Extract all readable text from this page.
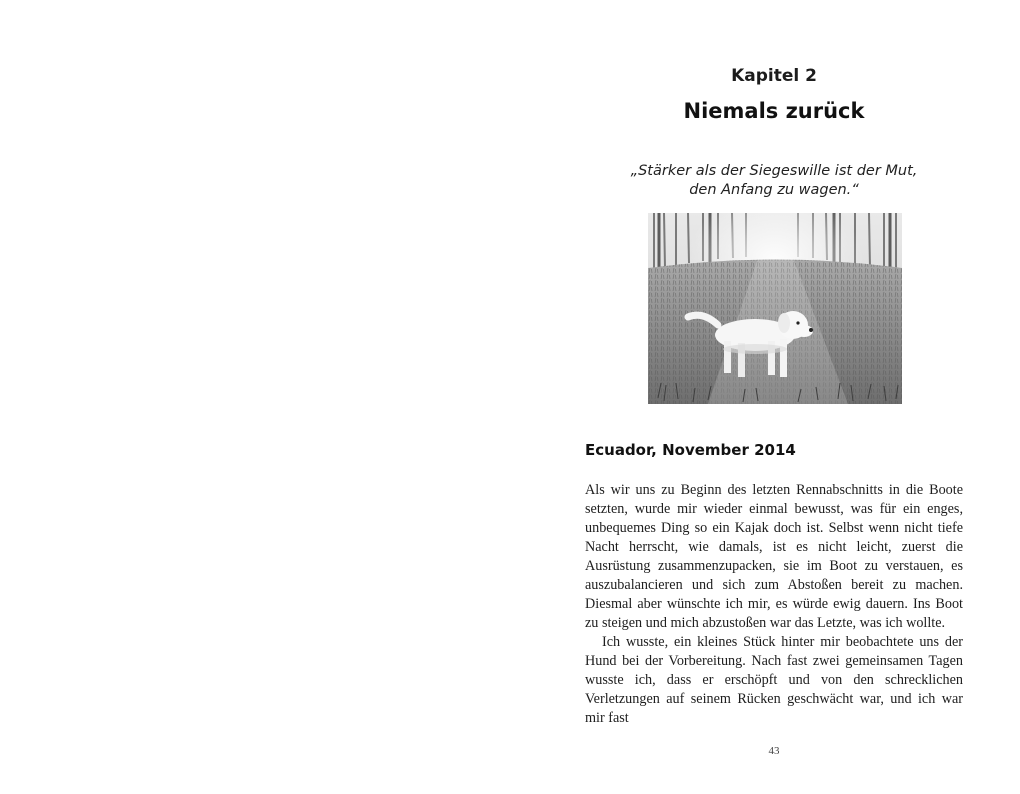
Kapitel 2
Niemals zurück
„Stärker als der Siegeswille ist der Mut,
den Anfang zu wagen.“
Ecuador, November 2014

Als wir uns zu Beginn des letzten Rennabschnitts in die Boote setzten, wurde mir wieder einmal bewusst, was für ein enges, unbequemes Ding so ein Kajak doch ist. Selbst wenn nicht tiefe Nacht herrscht, wie damals, ist es nicht leicht, zuerst die Ausrüstung zusammenzupacken, sie im Boot zu verstauen, es auszubalancieren und sich zum Abstoßen bereit zu machen. Diesmal aber wünschte ich mir, es würde ewig dauern. Ins Boot zu steigen und mich abzustoßen war das Letzte, was ich wollte.

Ich wusste, ein kleines Stück hinter mir beobachtete uns der Hund bei der Vorbereitung. Nach fast zwei gemeinsamen Tagen wusste ich, dass er erschöpft und von den schrecklichen Verletzungen auf seinem Rücken geschwächt war, und ich war mir fast

43
